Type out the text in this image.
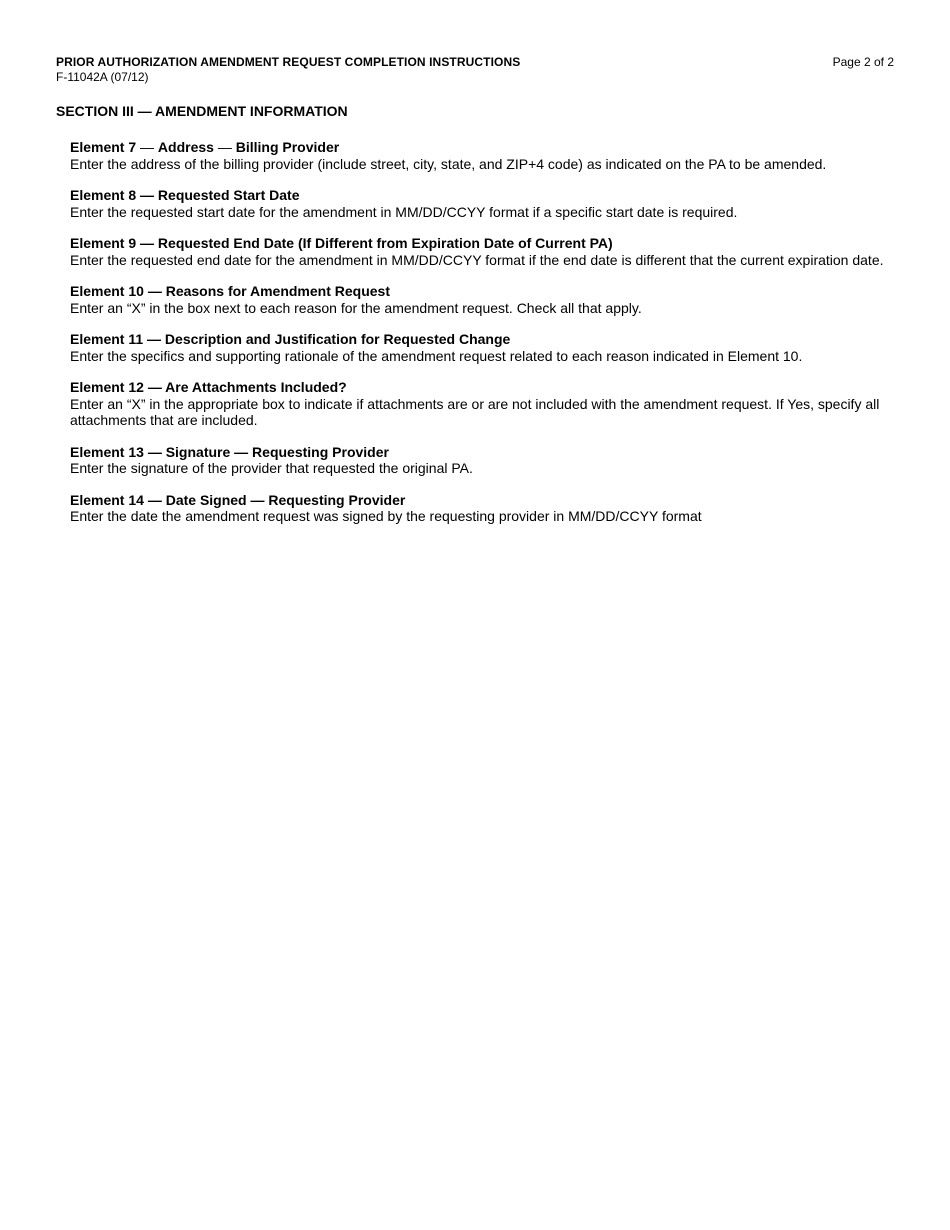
PRIOR AUTHORIZATION AMENDMENT REQUEST COMPLETION INSTRUCTIONS
F-11042A (07/12)
Page 2 of 2
SECTION III — AMENDMENT INFORMATION
Element 7 — Address — Billing Provider
Enter the address of the billing provider (include street, city, state, and ZIP+4 code) as indicated on the PA to be amended.
Element 8 — Requested Start Date
Enter the requested start date for the amendment in MM/DD/CCYY format if a specific start date is required.
Element 9 — Requested End Date (If Different from Expiration Date of Current PA)
Enter the requested end date for the amendment in MM/DD/CCYY format if the end date is different that the current expiration date.
Element 10 — Reasons for Amendment Request
Enter an “X” in the box next to each reason for the amendment request. Check all that apply.
Element 11 — Description and Justification for Requested Change
Enter the specifics and supporting rationale of the amendment request related to each reason indicated in Element 10.
Element 12 — Are Attachments Included?
Enter an “X” in the appropriate box to indicate if attachments are or are not included with the amendment request. If Yes, specify all attachments that are included.
Element 13 — Signature — Requesting Provider
Enter the signature of the provider that requested the original PA.
Element 14 — Date Signed — Requesting Provider
Enter the date the amendment request was signed by the requesting provider in MM/DD/CCYY format
